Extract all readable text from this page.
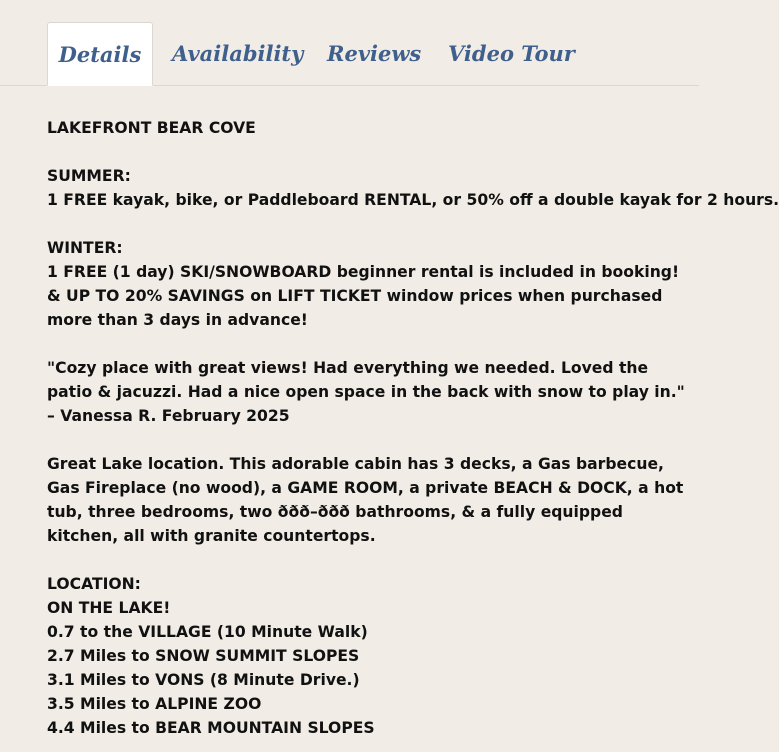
Details	Availability Reviews Video Tour
LAKEFRONT BEAR COVE
SUMMER:
1 FREE kayak, bike, or Paddleboard RENTAL, or 50% off a double kayak for 2 hours.
WINTER:
1 FREE (1 day) SKI/SNOWBOARD beginner rental is included in booking!
& UP TO 20% SAVINGS on LIFT TICKET window prices when purchased more than 3 days in advance!
"Cozy place with great views! Had everything we needed. Loved the patio & jacuzzi. Had a nice open space in the back with snow to play in." – Vanessa R. February 2025
Great Lake location. This adorable cabin has 3 decks, a Gas barbecue, Gas Fireplace (no wood), a GAME ROOM, a private BEACH & DOCK, a hot tub, three bedrooms, two ððð–ððð bathrooms, & a fully equipped kitchen, all with granite countertops.
LOCATION:
ON THE LAKE!
0.7 to the VILLAGE (10 Minute Walk)
2.7 Miles to SNOW SUMMIT SLOPES
3.1 Miles to VONS (8 Minute Drive.)
3.5 Miles to ALPINE ZOO
4.4 Miles to BEAR MOUNTAIN SLOPES
